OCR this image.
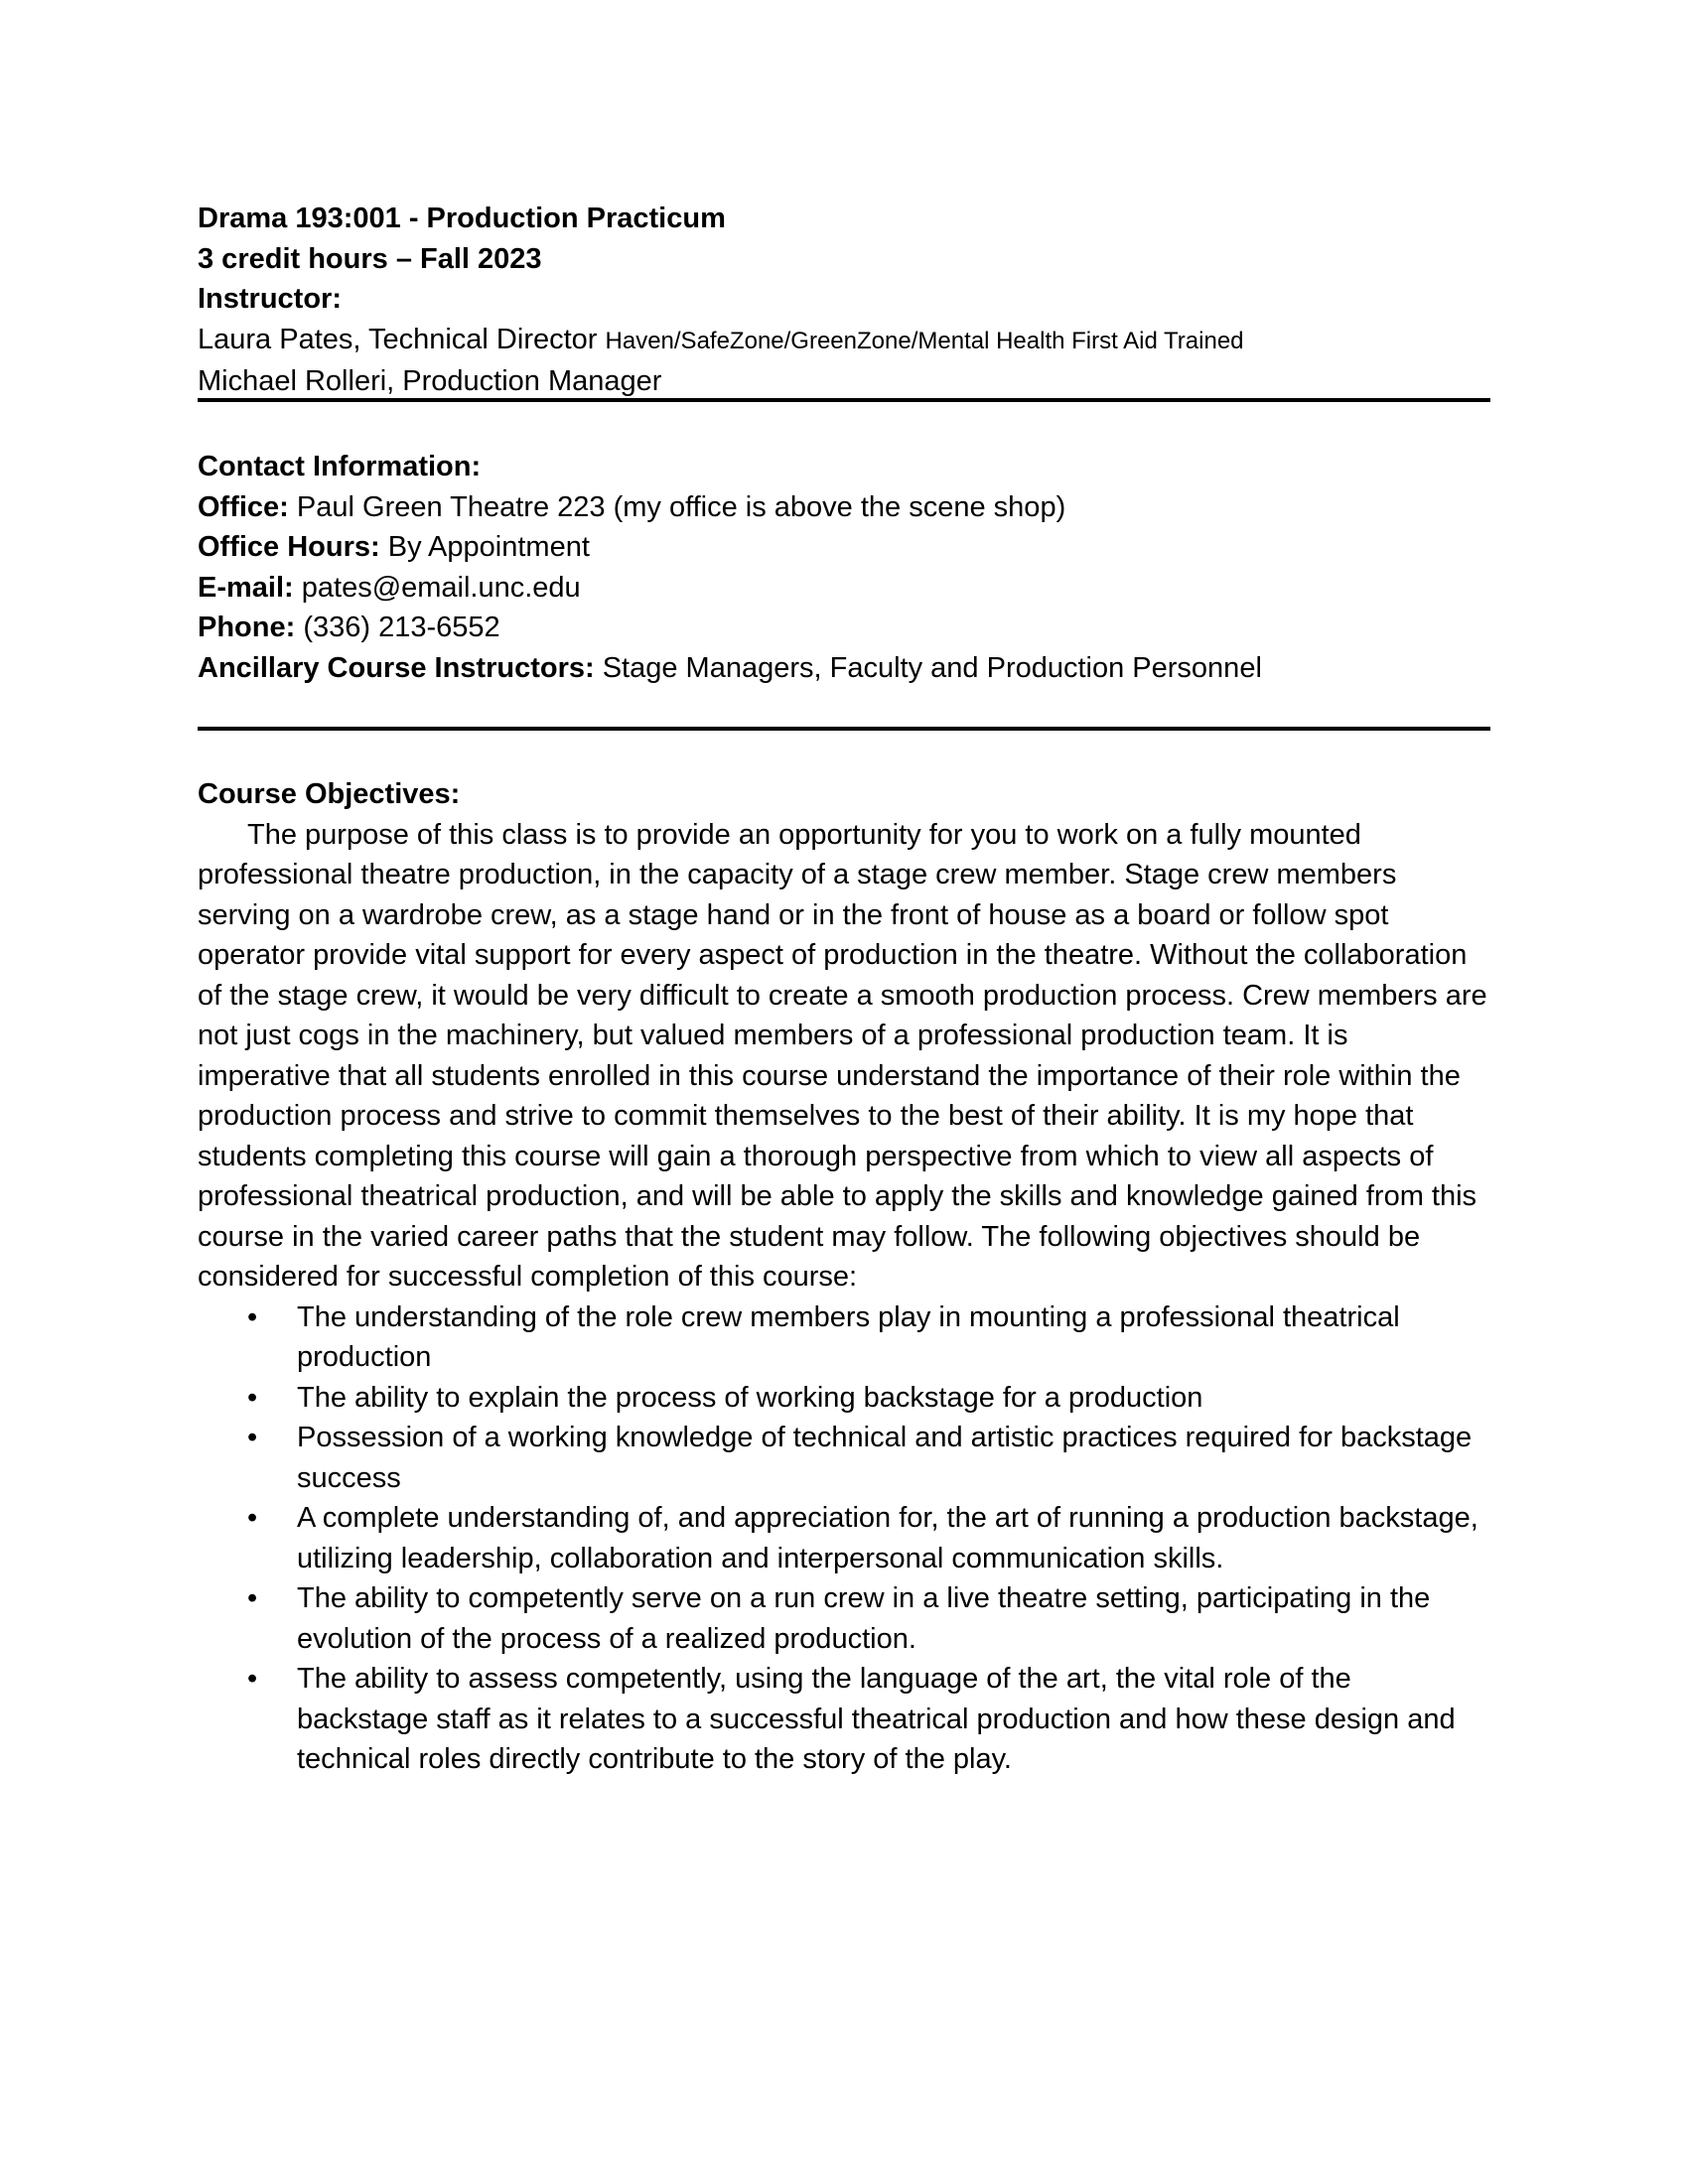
Drama 193:001 - Production Practicum
3 credit hours – Fall 2023
Instructor:
Laura Pates, Technical Director Haven/SafeZone/GreenZone/Mental Health First Aid Trained
Michael Rolleri, Production Manager
Contact Information:
Office: Paul Green Theatre 223 (my office is above the scene shop)
Office Hours: By Appointment
E-mail: pates@email.unc.edu
Phone: (336) 213-6552
Ancillary Course Instructors: Stage Managers, Faculty and Production Personnel
Course Objectives:

The purpose of this class is to provide an opportunity for you to work on a fully mounted professional theatre production, in the capacity of a stage crew member. Stage crew members serving on a wardrobe crew, as a stage hand or in the front of house as a board or follow spot operator provide vital support for every aspect of production in the theatre. Without the collaboration of the stage crew, it would be very difficult to create a smooth production process. Crew members are not just cogs in the machinery, but valued members of a professional production team. It is imperative that all students enrolled in this course understand the importance of their role within the production process and strive to commit themselves to the best of their ability. It is my hope that students completing this course will gain a thorough perspective from which to view all aspects of professional theatrical production, and will be able to apply the skills and knowledge gained from this course in the varied career paths that the student may follow. The following objectives should be considered for successful completion of this course:

• The understanding of the role crew members play in mounting a professional theatrical production
• The ability to explain the process of working backstage for a production
• Possession of a working knowledge of technical and artistic practices required for backstage success
• A complete understanding of, and appreciation for, the art of running a production backstage, utilizing leadership, collaboration and interpersonal communication skills.
• The ability to competently serve on a run crew in a live theatre setting, participating in the evolution of the process of a realized production.
• The ability to assess competently, using the language of the art, the vital role of the backstage staff as it relates to a successful theatrical production and how these design and technical roles directly contribute to the story of the play.
